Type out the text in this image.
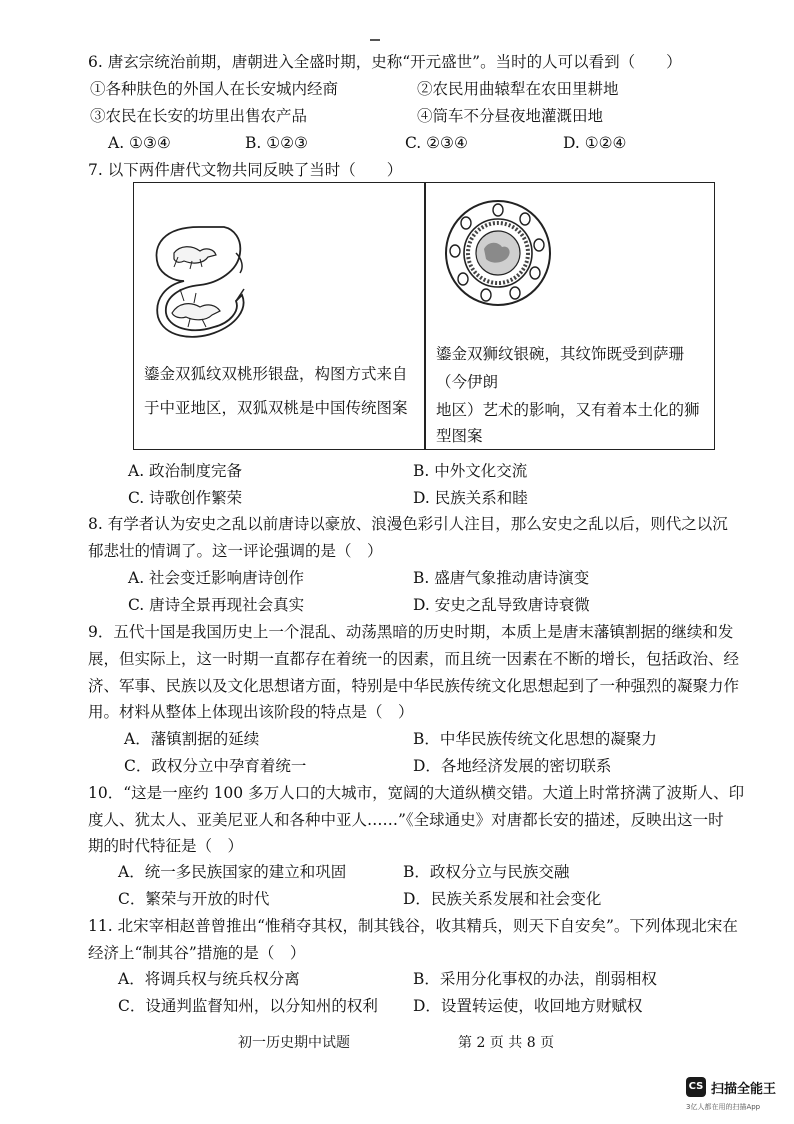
6. 唐玄宗统治前期，唐朝进入全盛时期，史称“开元盛世”。当时的人可以看到（　　）
①各种肤色的外国人在长安城内经商	②农民用曲辕犁在农田里耕地
③农民在长安的坊里出售农产品	④筒车不分昼夜地灌溉田地
A. ①③④	B. ①②③	C. ②③④	D. ①②④
7. 以下两件唐代文物共同反映了当时（　　）
鎏金双狐纹双桃形银盘，构图方式来自
于中亚地区，双狐双桃是中国传统图案
鎏金双狮纹银碗，其纹饰既受到萨珊
（今伊朗
地区）艺术的影响，又有着本土化的狮
型图案
A. 政治制度完备	B. 中外文化交流
C. 诗歌创作繁荣	D. 民族关系和睦
8. 有学者认为安史之乱以前唐诗以豪放、浪漫色彩引人注目，那么安史之乱以后，则代之以沉
郁悲壮的情调了。这一评论强调的是（　）
A. 社会变迁影响唐诗创作	B. 盛唐气象推动唐诗演变
C. 唐诗全景再现社会真实	D. 安史之乱导致唐诗衰微
9．五代十国是我国历史上一个混乱、动荡黑暗的历史时期，本质上是唐末藩镇割据的继续和发
展，但实际上，这一时期一直都存在着统一的因素，而且统一因素在不断的增长，包括政治、经
济、军事、民族以及文化思想诸方面，特别是中华民族传统文化思想起到了一种强烈的凝聚力作
用。材料从整体上体现出该阶段的特点是（　）
A．藩镇割据的延续	B．中华民族传统文化思想的凝聚力
C．政权分立中孕育着统一	D．各地经济发展的密切联系
10．“这是一座约 100 多万人口的大城市，宽阔的大道纵横交错。大道上时常挤满了波斯人、印
度人、犹太人、亚美尼亚人和各种中亚人……”《全球通史》对唐都长安的描述，反映出这一时
期的时代特征是（　）
A．统一多民族国家的建立和巩固	B．政权分立与民族交融
C．繁荣与开放的时代	D．民族关系发展和社会变化
11. 北宋宰相赵普曾推出“惟稍夺其权，制其钱谷，收其精兵，则天下自安矣”。下列体现北宋在
经济上“制其谷”措施的是（　）
A．将调兵权与统兵权分离	B．采用分化事权的办法，削弱相权
C．设通判监督知州，以分知州的权利 D．设置转运使，收回地方财赋权
初一历史期中试题	第 2 页 共 8 页
CS 扫描全能王
3亿人都在用的扫描App
